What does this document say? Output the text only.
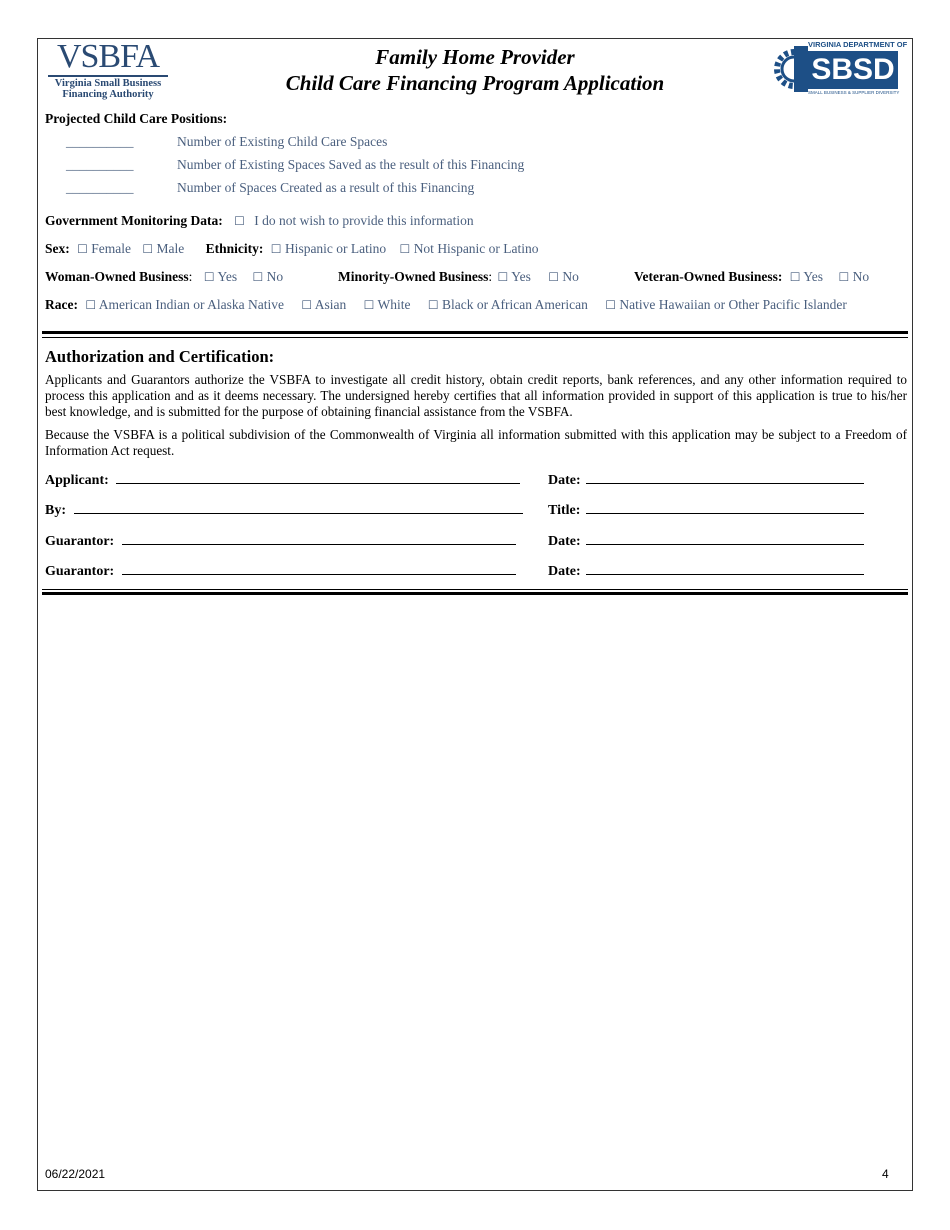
VSBFA
Virginia Small Business
Financing Authority
Family Home Provider
Child Care Financing Program Application
VIRGINIA DEPARTMENT OF
SBSD
SMALL BUSINESS & SUPPLIER DIVERSITY
Projected Child Care Positions:
__________	Number of Existing Child Care Spaces
__________	Number of Existing Spaces Saved as the result of this Financing
__________	Number of Spaces Created as a result of this Financing
Government Monitoring Data: ☐ I do not wish to provide this information
Sex: ☐ Female ☐ Male Ethnicity: ☐ Hispanic or Latino ☐ Not Hispanic or Latino
Woman-Owned Business: ☐ Yes ☐ No	Minority-Owned Business: ☐ Yes ☐ No	Veteran-Owned Business: ☐ Yes ☐ No
Race: ☐ American Indian or Alaska Native ☐ Asian ☐ White ☐ Black or African American ☐ Native Hawaiian or Other Pacific Islander
Authorization and Certification:
Applicants and Guarantors authorize the VSBFA to investigate all credit history, obtain credit reports, bank references, and any other information required to process this application and as it deems necessary. The undersigned hereby certifies that all information provided in support of this application is true to his/her best knowledge, and is submitted for the purpose of obtaining financial assistance from the VSBFA.
Because the VSBFA is a political subdivision of the Commonwealth of Virginia all information submitted with this application may be subject to a Freedom of Information Act request.
Applicant:	Date:
By:	Title:
Guarantor:	Date:
Guarantor:	Date:
06/22/2021	4
